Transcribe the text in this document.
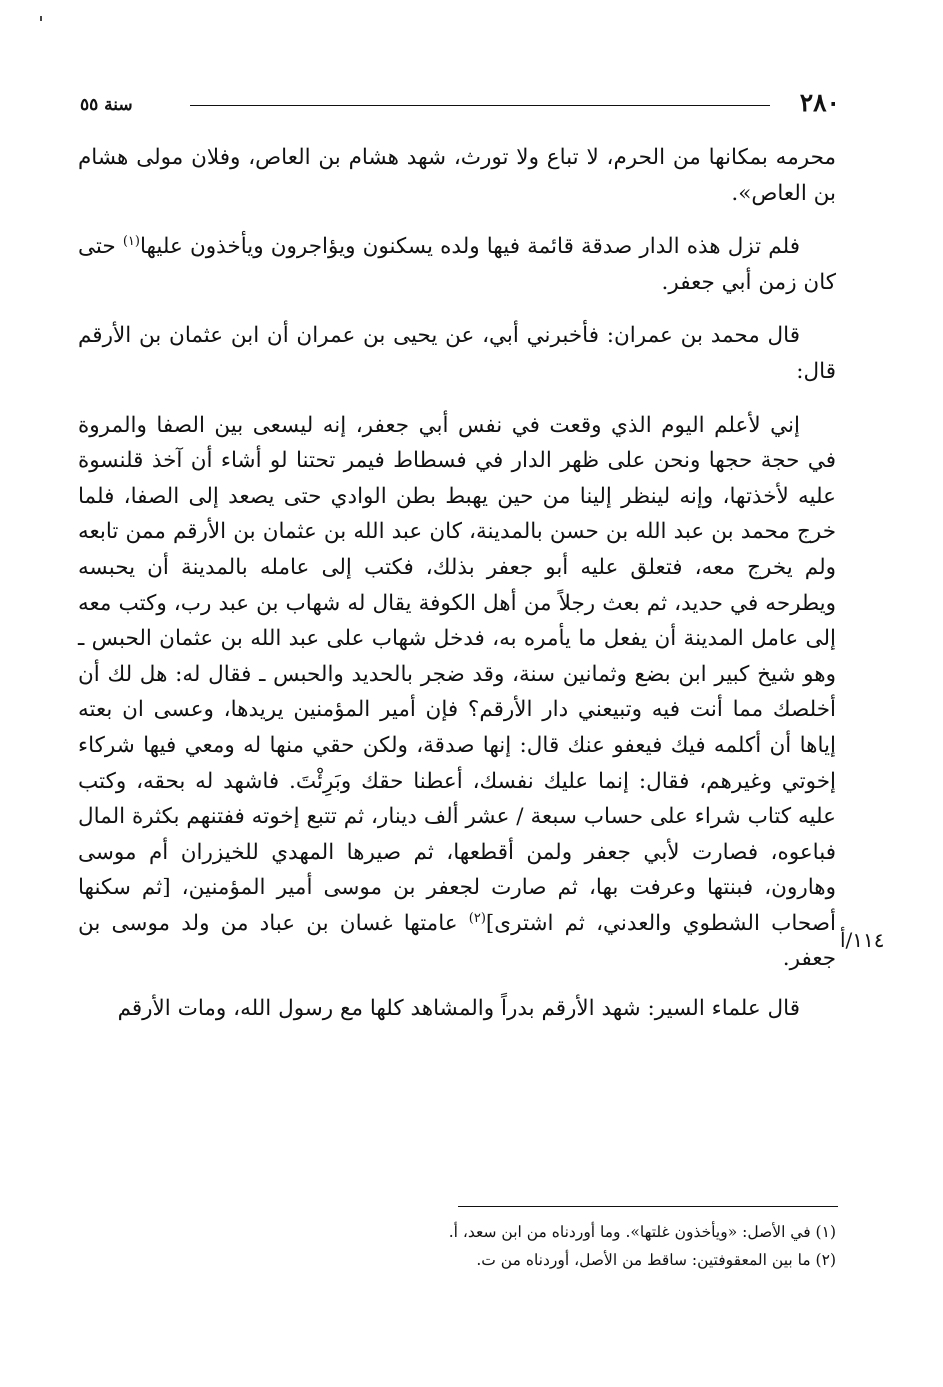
٢٨٠
سنة ٥٥

محرمه بمكانها من الحرم، لا تباع ولا تورث، شهد هشام بن العاص، وفلان مولى هشام بن العاص».

فلم تزل هذه الدار صدقة قائمة فيها ولده يسكنون ويؤاجرون ويأخذون عليها$^{(١)}$ حتى كان زمن أبي جعفر.

قال محمد بن عمران: فأخبرني أبي، عن يحيى بن عمران أن ابن عثمان بن الأرقم قال:

إني لأعلم اليوم الذي وقعت في نفس أبي جعفر، إنه ليسعى بين الصفا والمروة في حجة حجها ونحن على ظهر الدار في فسطاط فيمر تحتنا لو أشاء أن آخذ قلنسوة عليه لأخذتها، وإنه لينظر إلينا من حين يهبط بطن الوادي حتى يصعد إلى الصفا، فلما خرج محمد بن عبد الله بن حسن بالمدينة، كان عبد الله بن عثمان بن الأرقم ممن تابعه ولم يخرج معه، فتعلق عليه أبو جعفر بذلك، فكتب إلى عامله بالمدينة أن يحبسه ويطرحه في حديد، ثم بعث رجلاً من أهل الكوفة يقال له شهاب بن عبد رب، وكتب معه إلى عامل المدينة أن يفعل ما يأمره به، فدخل شهاب على عبد الله بن عثمان الحبس ـ وهو شيخ كبير ابن بضع وثمانين سنة، وقد ضجر بالحديد والحبس ـ فقال له: هل لك أن أخلصك مما أنت فيه وتبيعني دار الأرقم؟ فإن أمير المؤمنين يريدها، وعسى ان بعته إياها أن أكلمه فيك فيعفو عنك قال: إنها صدقة، ولكن حقي منها له ومعي فيها شركاء إخوتي وغيرهم، فقال: إنما عليك نفسك، أعطنا حقك وبَرِئْتَ. فاشهد له بحقه، وكتب عليه كتاب شراء على حساب سبعة / عشر ألف دينار، ثم تتبع إخوته ففتنهم بكثرة المال فباعوه، فصارت لأبي جعفر ولمن أقطعها، ثم صيرها المهدي للخيزران أم موسى وهارون، فبنتها وعرفت بها، ثم صارت لجعفر بن موسى أمير المؤمنين، [ثم سكنها أصحاب الشطوي والعدني، ثم اشترى]$^{(٢)}$ عامتها غسان بن عباد من ولد موسى بن جعفر.

قال علماء السير: شهد الأرقم بدراً والمشاهد كلها مع رسول الله، ومات الأرقم

١١٤/أ

(١) في الأصل: «ويأخذون غلتها». وما أوردناه من ابن سعد، أ.

(٢) ما بين المعقوفتين: ساقط من الأصل، أوردناه من ت.
